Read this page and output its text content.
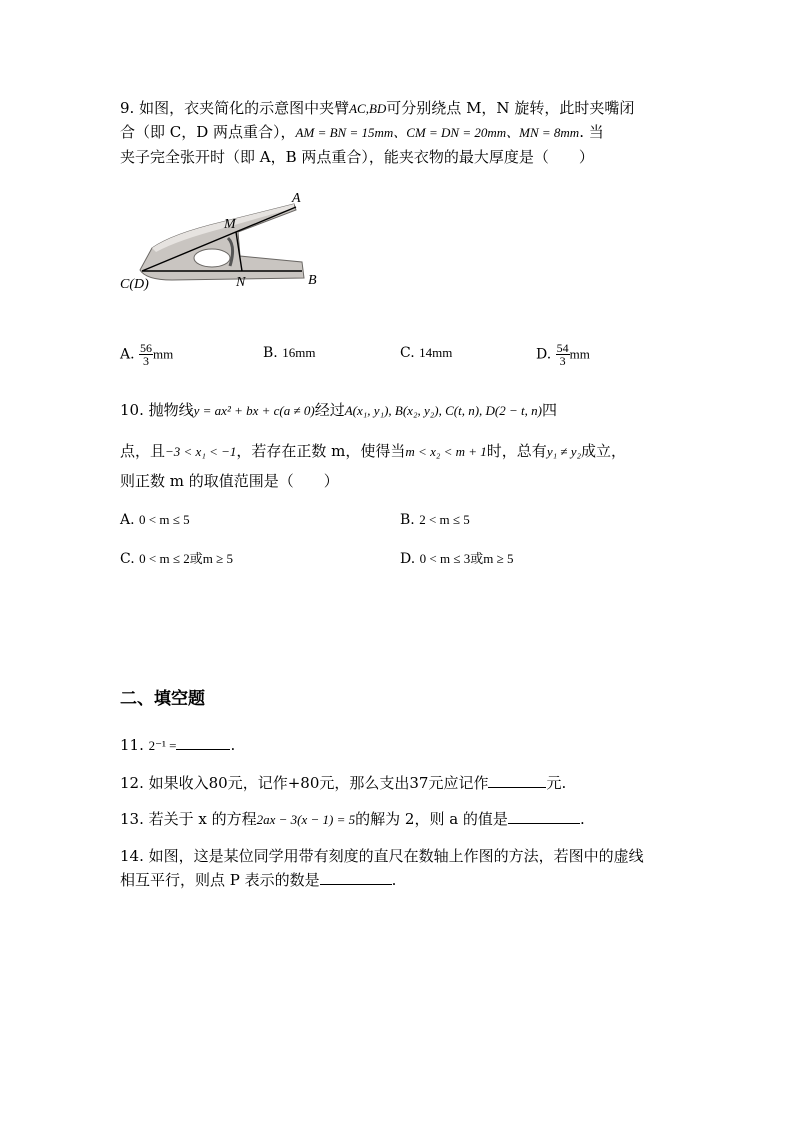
9. 如图，衣夹简化的示意图中夹臂AC,BD可分别绕点 M，N 旋转，此时夹嘴闭
合（即 C，D 两点重合），AM = BN = 15mm、CM = DN = 20mm、MN = 8mm. 当
夹子完全张开时（即 A，B 两点重合），能夹衣物的最大厚度是（　　）
A
M
N	B
C(D)
A. $\frac{56}{3}$ mm	B. 16mm	C. 14mm	D. $\frac{54}{3}$ mm
10. 抛物线y = ax² + bx + c(a ≠ 0)经过A(x₁, y₁), B(x₂, y₂), C(t, n), D(2 − t, n)四
点，且−3 < x₁ < −1，若存在正数 m，使得当m < x₂ < m + 1时，总有y₁ ≠ y₂成立，
则正数 m 的取值范围是（　　）
A. 0 < m ≤ 5	B. 2 < m ≤ 5
C. 0 < m ≤ 2或m ≥ 5	D. 0 < m ≤ 3或m ≥ 5
二、填空题
11. 2⁻¹ =	.
12. 如果收入80元，记作+80元，那么支出37元应记作	元.
13. 若关于 x 的方程2ax − 3(x − 1) = 5的解为 2，则 a 的值是	.
14. 如图，这是某位同学用带有刻度的直尺在数轴上作图的方法，若图中的虚线
相互平行，则点 P 表示的数是	.
